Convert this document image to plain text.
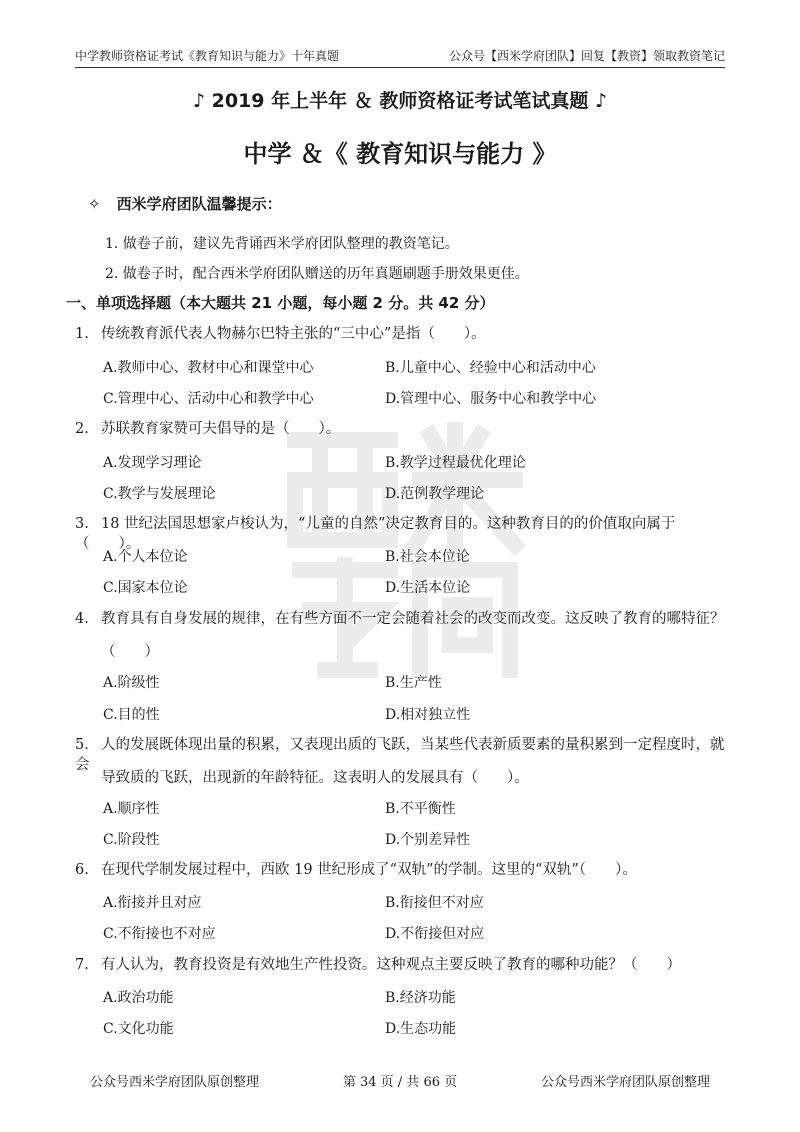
中学教师资格证考试《教育知识与能力》十年真题	公众号【西米学府团队】回复【教资】领取教资笔记
♪ 2019 年上半年 ＆ 教师资格证考试笔试真题 ♪
中学 ＆《 教育知识与能力 》
✧ 西米学府团队温馨提示：
1. 做卷子前，建议先背诵西米学府团队整理的教资笔记。
2. 做卷子时，配合西米学府团队赠送的历年真题刷题手册效果更佳。
一、单项选择题（本大题共 21 小题，每小题 2 分。共 42 分）
1. 传统教育派代表人物赫尔巴特主张的“三中心”是指（　　）。
A.教师中心、教材中心和课堂中心	B.儿童中心、经验中心和活动中心
C.管理中心、活动中心和教学中心	D.管理中心、服务中心和教学中心
2. 苏联教育家赞可夫倡导的是（　　）。
A.发现学习理论	B.教学过程最优化理论
C.教学与发展理论	D.范例教学理论
3. 18 世纪法国思想家卢梭认为，“儿童的自然”决定教育目的。这种教育目的的价值取向属于（　　）。
A.个人本位论	B.社会本位论
C.国家本位论	D.生活本位论
4. 教育具有自身发展的规律，在有些方面不一定会随着社会的改变而改变。这反映了教育的哪特征？
（　　）
A.阶级性	B.生产性
C.目的性	D.相对独立性
5. 人的发展既体现出量的积累，又表现出质的飞跃，当某些代表新质要素的量积累到一定程度时，就会
导致质的飞跃，出现新的年龄特征。这表明人的发展具有（　　）。
A.顺序性	B.不平衡性
C.阶段性	D.个别差异性
6. 在现代学制发展过程中，西欧 19 世纪形成了“双轨”的学制。这里的“双轨”（　　）。
A.衔接并且对应	B.衔接但不对应
C.不衔接也不对应	D.不衔接但对应
7. 有人认为，教育投资是有效地生产性投资。这种观点主要反映了教育的哪种功能？（　　）
A.政治功能	B.经济功能
C.文化功能	D.生态功能
公众号西米学府团队原创整理	第 34 页 / 共 66 页	公众号西米学府团队原创整理
